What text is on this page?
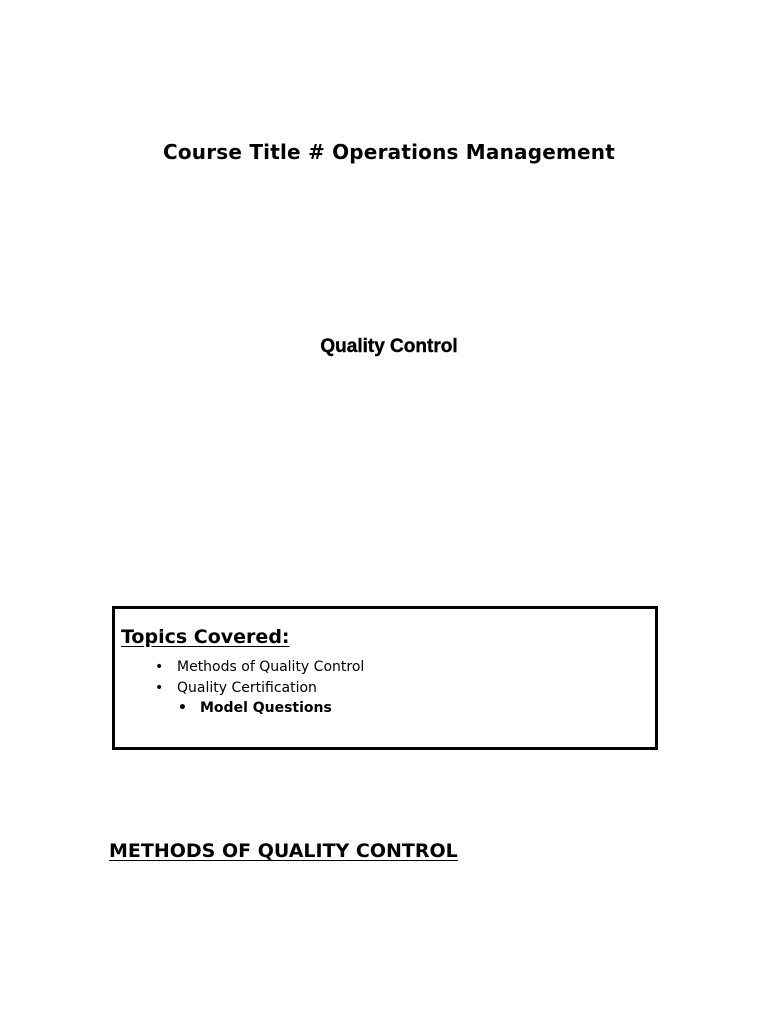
Course Title # Operations Management
Quality Control
Topics Covered:
• Methods of Quality Control
• Quality Certification
• Model Questions
METHODS OF QUALITY CONTROL
